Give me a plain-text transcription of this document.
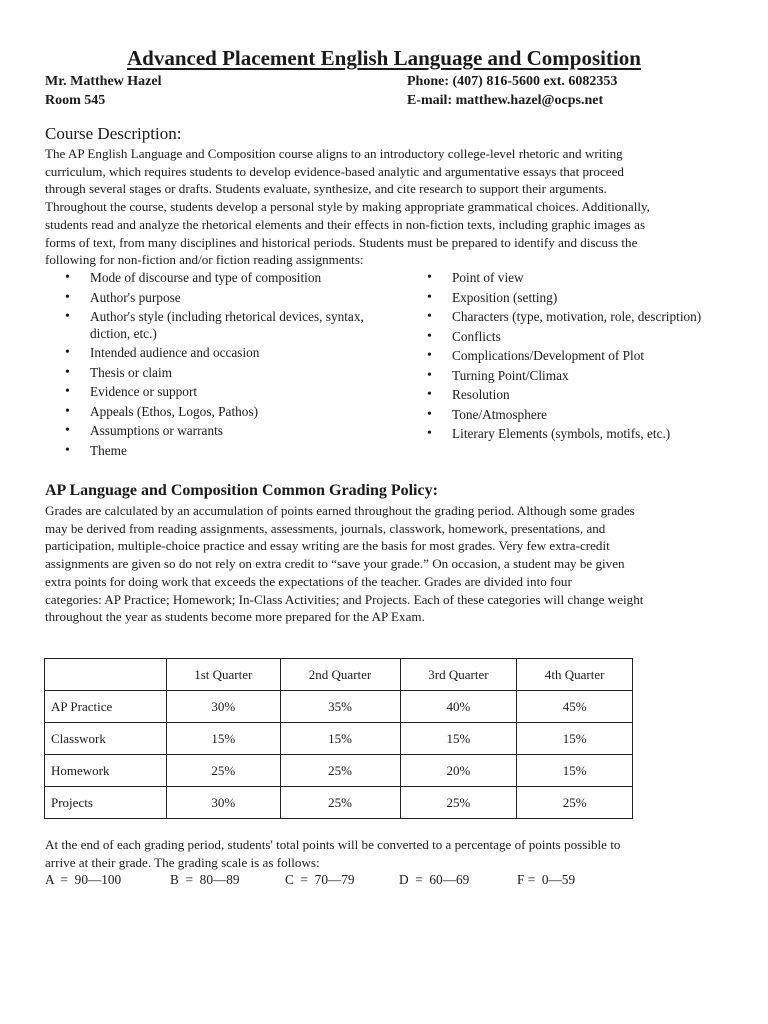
Advanced Placement English Language and Composition
Mr. Matthew Hazel
Room 545
Phone: (407) 816-5600 ext. 6082353
E-mail: matthew.hazel@ocps.net
Course Description:

The AP English Language and Composition course aligns to an introductory college-level rhetoric and writing

curriculum, which requires students to develop evidence-based analytic and argumentative essays that proceed

through several stages or drafts. Students evaluate, synthesize, and cite research to support their arguments.

Throughout the course, students develop a personal style by making appropriate grammatical choices. Additionally,

students read and analyze the rhetorical elements and their effects in non-fiction texts, including graphic images as

forms of text, from many disciplines and historical periods. Students must be prepared to identify and discuss the

following for non-fiction and/or fiction reading assignments:

• Mode of discourse and type of composition
• Author's purpose
• Author's style (including rhetorical devices, syntax, diction, etc.)
• Intended audience and occasion
• Thesis or claim
• Evidence or support
• Appeals (Ethos, Logos, Pathos)
• Assumptions or warrants
• Theme
• Point of view
• Exposition (setting)
• Characters (type, motivation, role, description)
• Conflicts
• Complications/Development of Plot
• Turning Point/Climax
• Resolution
• Tone/Atmosphere
• Literary Elements (symbols, motifs, etc.)
AP Language and Composition Common Grading Policy:

Grades are calculated by an accumulation of points earned throughout the grading period. Although some grades

may be derived from reading assignments, assessments, journals, classwork, homework, presentations, and

participation, multiple-choice practice and essay writing are the basis for most grades. Very few extra-credit

assignments are given so do not rely on extra credit to “save your grade.” On occasion, a student may be given

extra points for doing work that exceeds the expectations of the teacher. Grades are divided into four

categories: AP Practice; Homework; In-Class Activities; and Projects. Each of these categories will change weight

throughout the year as students become more prepared for the AP Exam.

	1st Quarter	2nd Quarter	3rd Quarter	4th Quarter
AP Practice	30%	35%	40%	45%
Classwork	15%	15%	15%	15%
Homework	25%	25%	20%	15%
Projects	30%	25%	25%	25%

At the end of each grading period, students' total points will be converted to a percentage of points possible to

arrive at their grade. The grading scale is as follows:

A  =  90—100	B  =  80—89	C  =  70—79	D  =  60—69	F =  0—59
